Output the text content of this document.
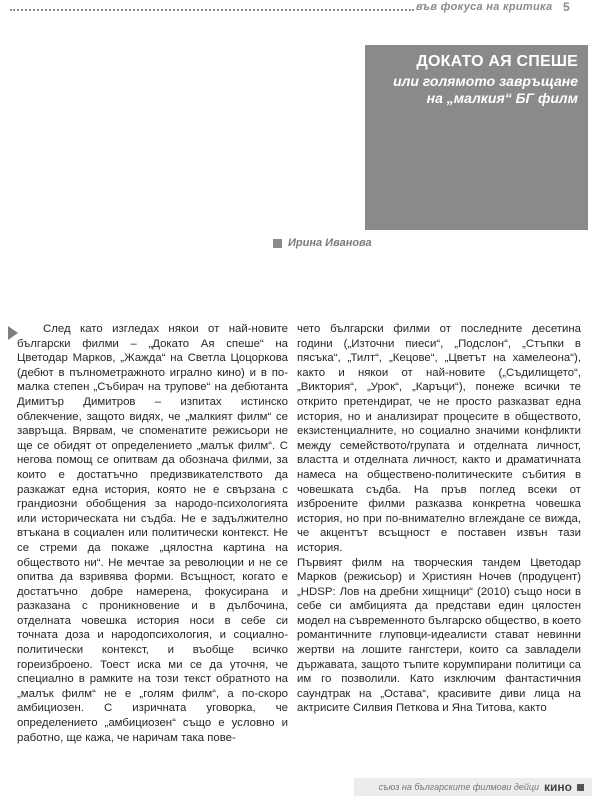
във фокуса на критика 5
ДОКАТО АЯ СПЕШЕ
или голямото завръщане
на „малкия“ БГ филм
Ирина Иванова

След като изгледах някои от най-новите български филми – „Докато Ая спеше“ на Цветодар Марков, „Жажда“ на Светла Цоцоркова (дебют в пълнометражното игрално кино) и в по-малка степен „Събирач на трупове“ на дебютанта Димитър Димитров – изпитах истинско облекчение, защото видях, че „малкият филм“ се завръща. Вярвам, че споменатите режисьори не ще се обидят от определението „малък филм“. С негова помощ се опитвам да обознача филми, за които е достатъчно предизвикателството да разкажат една история, която не е свързана с грандиозни обобщения за народо-психологията или историческата ни съдба. Не е задължително втъкана в социален или политически контекст. Не се стреми да покаже „цялостна картина на обществото ни“. Не мечтае за революции и не се опитва да взривява форми. Всъщност, когато е достатъчно добре намерена, фокусирана и разказана с проникновение и в дълбочина, отделната човешка история носи в себе си точната доза и народопсихология, и социално-политически контекст, и въобще всичко гореизброено. Тоест иска ми се да уточня, че специално в рамките на този текст обратното на „малък филм“ не е „голям филм“, а по-скоро амбициозен. С изричната уговорка, че определението „амбициозен“ също е условно и работно, ще кажа, че наричам така пове-

чето български филми от последните десетина години („Източни пиеси“, „Подслон“, „Стъпки в пясъка“, „Тилт“, „Кецове“, „Цветът на хамелеона“), както и някои от най-новите („Съдилището“, „Виктория“, „Урок“, „Каръци“), понеже всички те открито претендират, че не просто разказват една история, но и анализират процесите в обществото, екзистенциалните, но социално значими конфликти между семейството/групата и отделната личност, властта и отделната личност, както и драматичната намеса на обществено-политическите събития в човешката съдба. На пръв поглед всеки от изброените филми разказва конкретна човешка история, но при по-внимателно вглеждане се вижда, че акцентът всъщност е поставен извън тази история.

Първият филм на творческия тандем Цветодар Марков (режисьор) и Християн Ночев (продуцент) „HDSP: Лов на дребни хищници“ (2010) също носи в себе си амбицията да представи един цялостен модел на съвременното българско общество, в което романтичните глуповци-идеалисти стават невинни жертви на лошите гангстери, които са завладели държавата, защото тъпите корумпирани политици са им го позволили. Като изключим фантастичния саундтрак на „Остава“, красивите диви лица на актрисите Силвия Петкова и Яна Титова, както

съюз на българските филмови дейци кино
